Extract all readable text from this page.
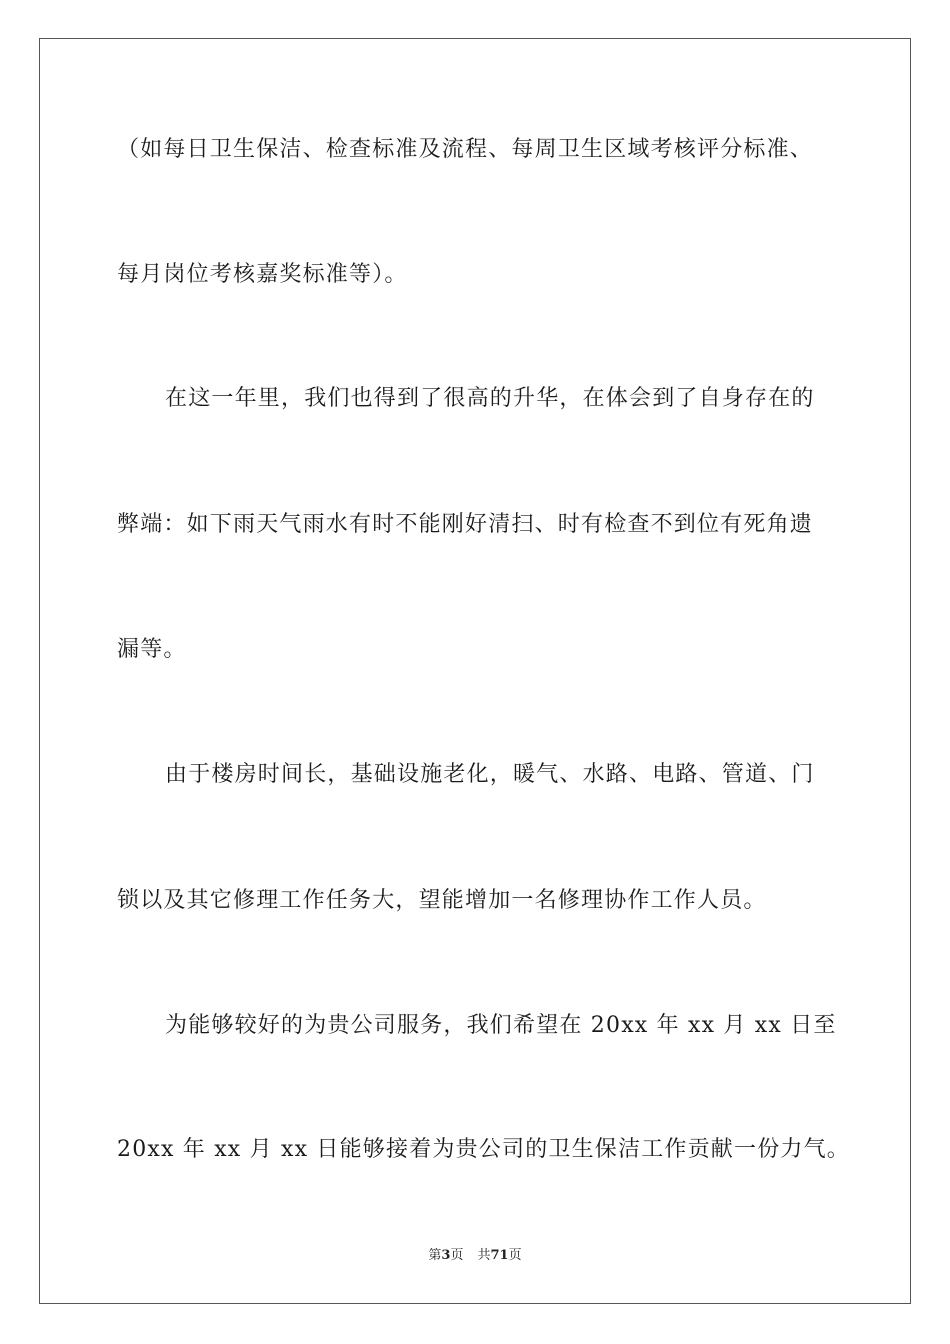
（如每日卫生保洁、检查标准及流程、每周卫生区域考核评分标准、
每月岗位考核嘉奖标准等）。
在这一年里，我们也得到了很高的升华，在体会到了自身存在的
弊端：如下雨天气雨水有时不能刚好清扫、时有检查不到位有死角遗
漏等。
由于楼房时间长，基础设施老化，暖气、水路、电路、管道、门
锁以及其它修理工作任务大，望能增加一名修理协作工作人员。
为能够较好的为贵公司服务，我们希望在 20xx 年 xx 月 xx 日至
20xx 年 xx 月 xx 日能够接着为贵公司的卫生保洁工作贡献一份力气。
第3页 共71页
